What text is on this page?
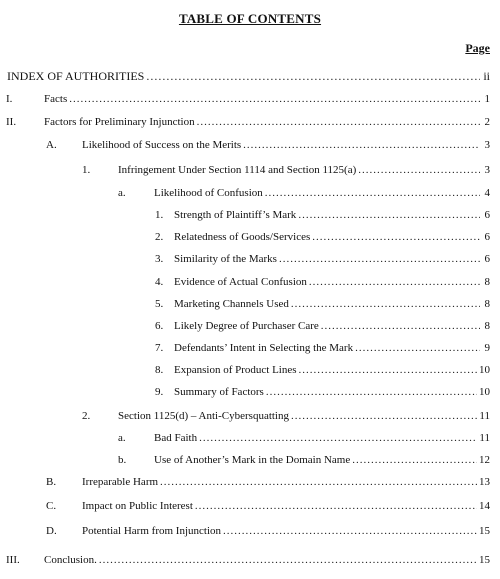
TABLE OF CONTENTS
Page
INDEX OF AUTHORITIES .....	ii
I.	Facts .....	1
II.	Factors for Preliminary Injunction .....	2
A. Likelihood of Success on the Merits .....	3
1.	Infringement Under Section 1114 and Section 1125(a) .....	3
a.	Likelihood of Confusion .....	4
1. Strength of Plaintiff’s Mark .....	6
2. Relatedness of Goods/Services .....	6
3. Similarity of the Marks .....	6
4. Evidence of Actual Confusion .....	8
5. Marketing Channels Used .....	8
6. Likely Degree of Purchaser Care .....	8
7. Defendants’ Intent in Selecting the Mark .....	9
8. Expansion of Product Lines .....	10
9. Summary of Factors .....	10
2.	Section 1125(d) – Anti-Cybersquatting .....	11
a.	Bad Faith .....	11
b.	Use of Another’s Mark in the Domain Name .....	12
B. Irreparable Harm .....	13
C. Impact on Public Interest .....	14
D. Potential Harm from Injunction .....	15
III. Conclusion. .....	15
